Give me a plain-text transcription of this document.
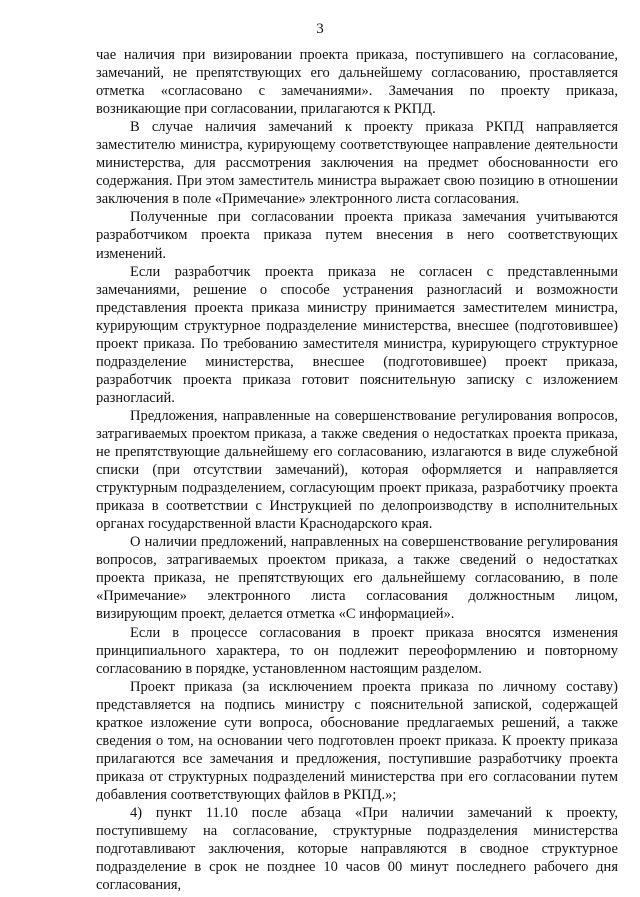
3

чае наличия при визировании проекта приказа, поступившего на согласование, замечаний, не препятствующих его дальнейшему согласованию, проставляется отметка «согласовано с замечаниями». Замечания по проекту приказа, возникающие при согласовании, прилагаются к РКПД.

В случае наличия замечаний к проекту приказа РКПД направляется заместителю министра, курирующему соответствующее направление деятельности министерства, для рассмотрения заключения на предмет обоснованности его содержания. При этом заместитель министра выражает свою позицию в отношении заключения в поле «Примечание» электронного листа согласования.

Полученные при согласовании проекта приказа замечания учитываются разработчиком проекта приказа путем внесения в него соответствующих изменений.

Если разработчик проекта приказа не согласен с представленными замечаниями, решение о способе устранения разногласий и возможности представления проекта приказа министру принимается заместителем министра, курирующим структурное подразделение министерства, внесшее (подготовившее) проект приказа. По требованию заместителя министра, курирующего структурное подразделение министерства, внесшее (подготовившее) проект приказа, разработчик проекта приказа готовит пояснительную записку с изложением разногласий.

Предложения, направленные на совершенствование регулирования вопросов, затрагиваемых проектом приказа, а также сведения о недостатках проекта приказа, не препятствующие дальнейшему его согласованию, излагаются в виде служебной списки (при отсутствии замечаний), которая оформляется и направляется структурным подразделением, согласующим проект приказа, разработчику проекта приказа в соответствии с Инструкцией по делопроизводству в исполнительных органах государственной власти Краснодарского края.

О наличии предложений, направленных на совершенствование регулирования вопросов, затрагиваемых проектом приказа, а также сведений о недостатках проекта приказа, не препятствующих его дальнейшему согласованию, в поле «Примечание» электронного листа согласования должностным лицом, визирующим проект, делается отметка «С информацией».

Если в процессе согласования в проект приказа вносятся изменения принципиального характера, то он подлежит переоформлению и повторному согласованию в порядке, установленном настоящим разделом.

Проект приказа (за исключением проекта приказа по личному составу) представляется на подпись министру с пояснительной запиской, содержащей краткое изложение сути вопроса, обоснование предлагаемых решений, а также сведения о том, на основании чего подготовлен проект приказа. К проекту приказа прилагаются все замечания и предложения, поступившие разработчику проекта приказа от структурных подразделений министерства при его согласовании путем добавления соответствующих файлов в РКПД.»;

4) пункт 11.10 после абзаца «При наличии замечаний к проекту, поступившему на согласование, структурные подразделения министерства подготавливают заключения, которые направляются в сводное структурное подразделение в срок не позднее 10 часов 00 минут последнего рабочего дня согласования,
